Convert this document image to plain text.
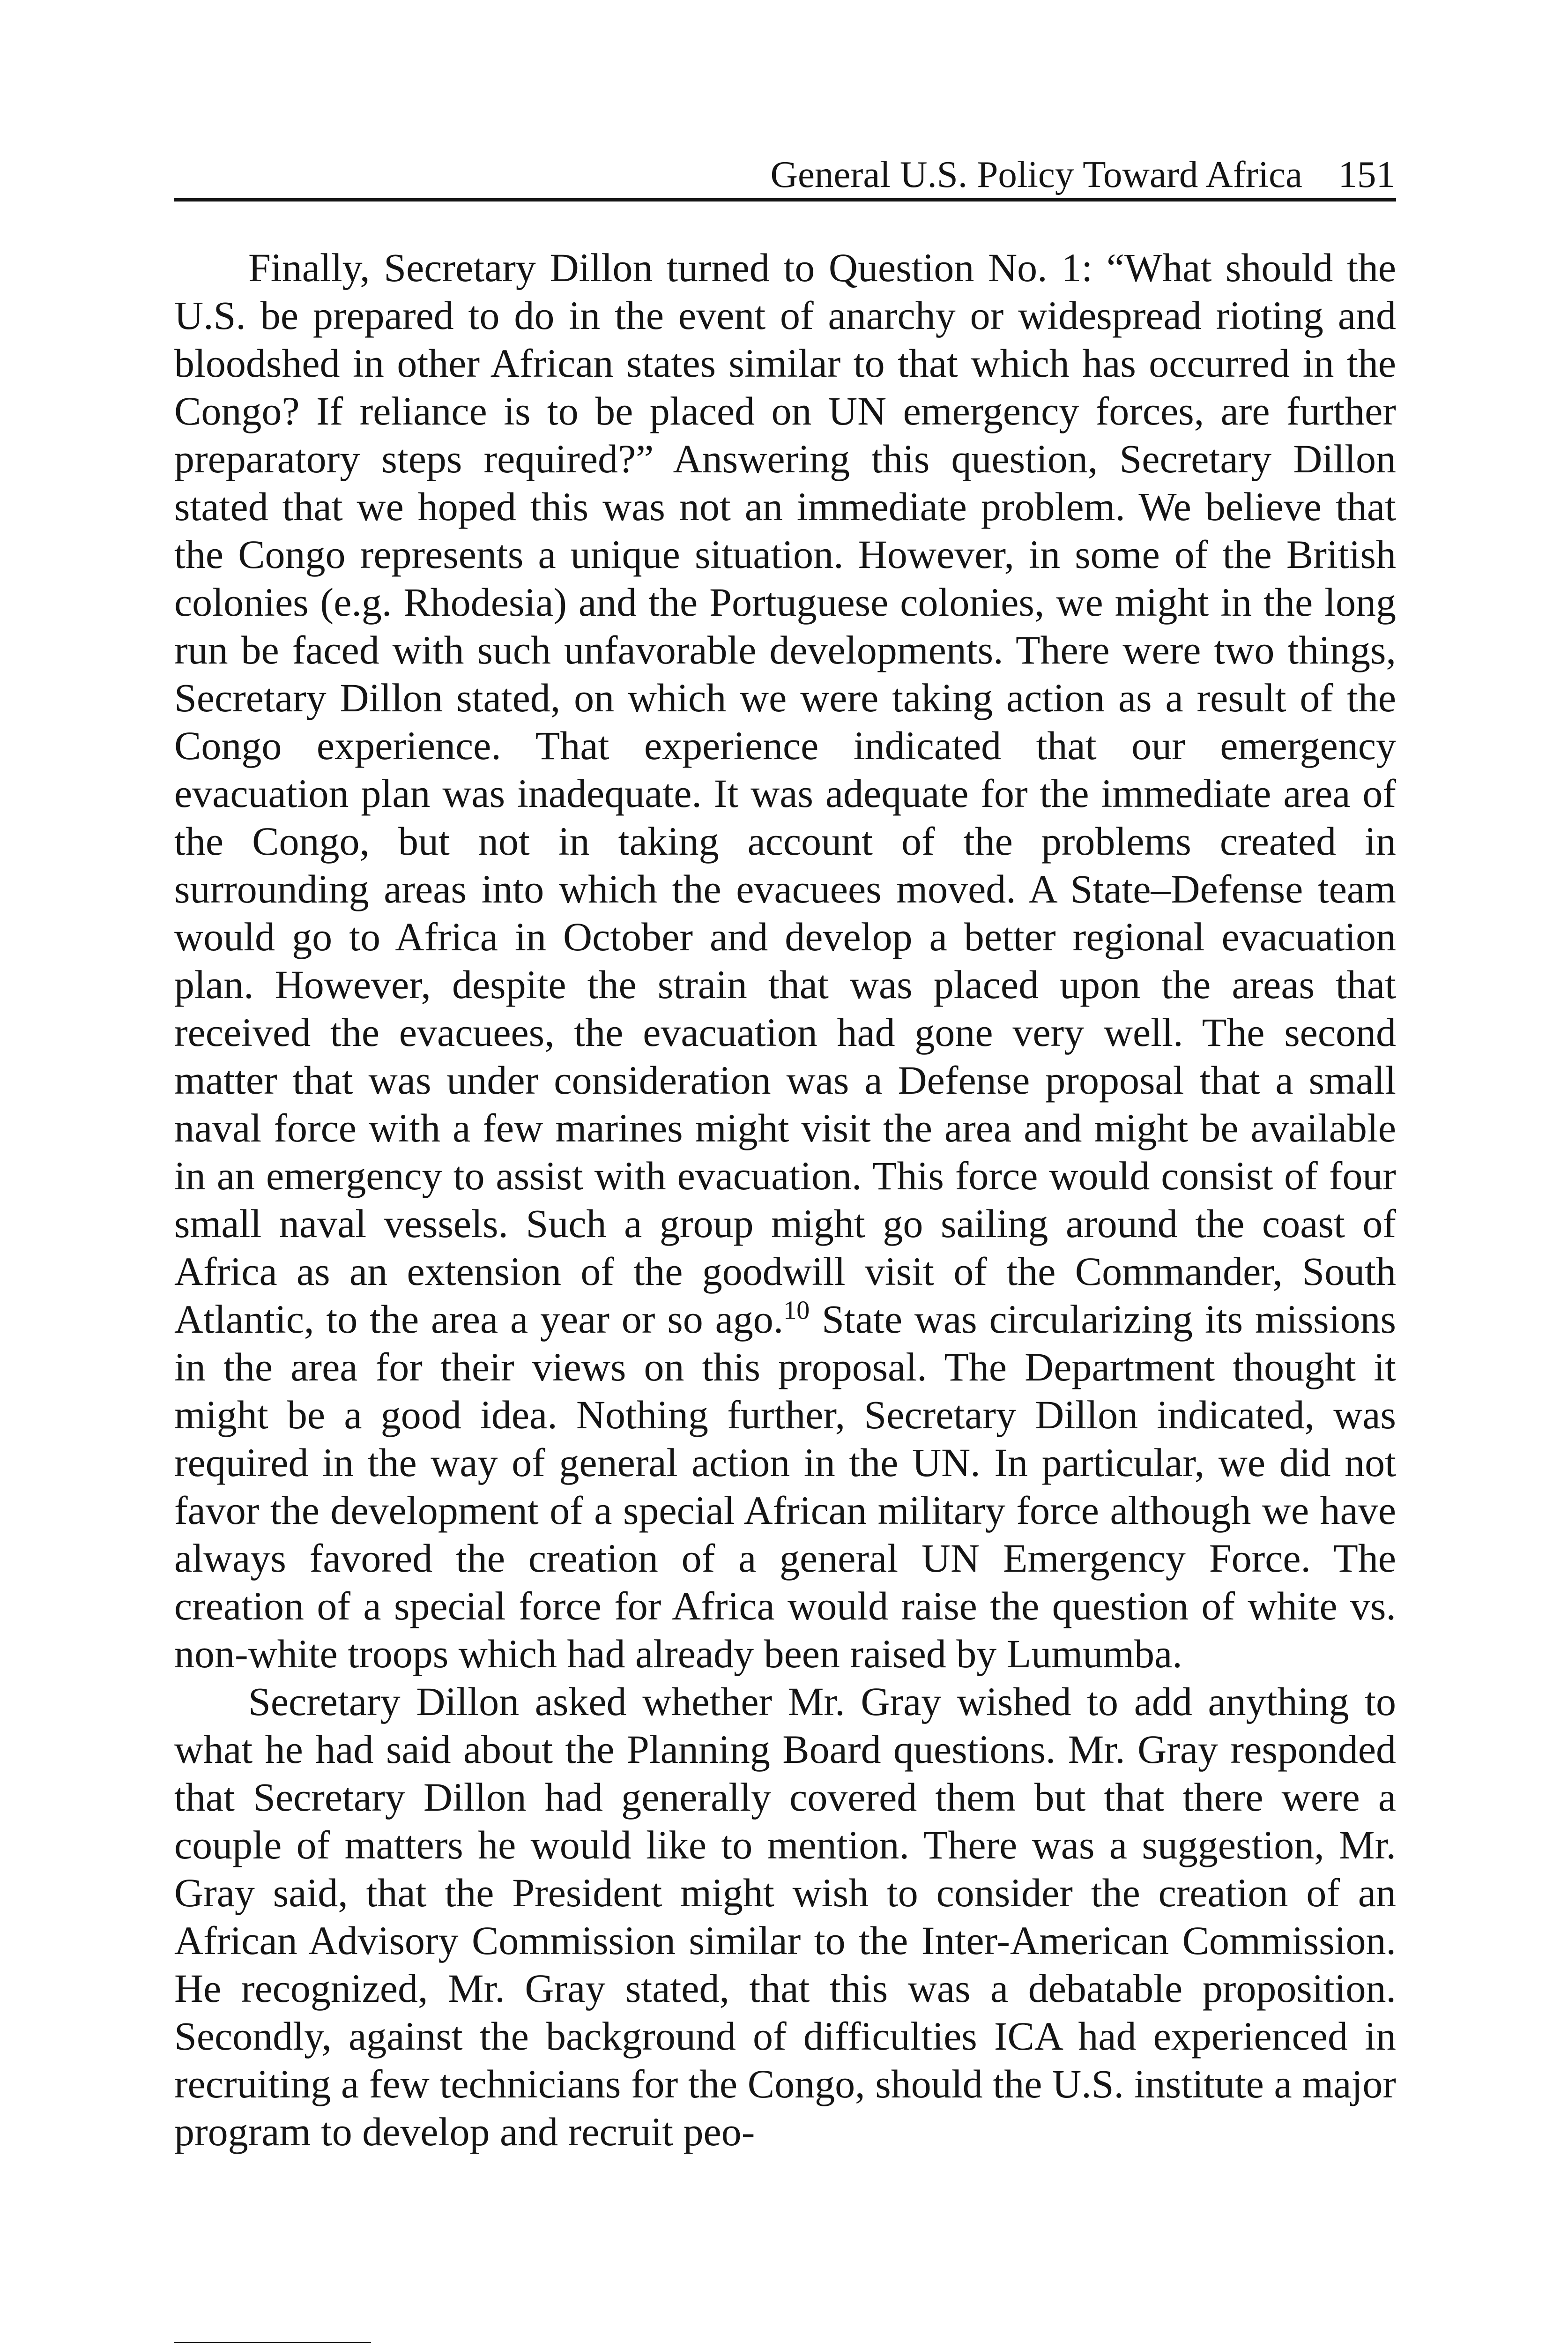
General U.S. Policy Toward Africa 151

Finally, Secretary Dillon turned to Question No. 1: “What should the U.S. be prepared to do in the event of anarchy or widespread rioting and bloodshed in other African states similar to that which has occurred in the Congo? If reliance is to be placed on UN emergency forces, are further preparatory steps required?” Answering this question, Secretary Dillon stated that we hoped this was not an immediate problem. We believe that the Congo represents a unique situation. However, in some of the British colonies (e.g. Rhodesia) and the Portuguese colonies, we might in the long run be faced with such unfavorable developments. There were two things, Secretary Dillon stated, on which we were taking action as a result of the Congo experience. That experience indicated that our emergency evacuation plan was inadequate. It was adequate for the immediate area of the Congo, but not in taking account of the problems created in surrounding areas into which the evacuees moved. A State–Defense team would go to Africa in October and develop a better regional evacuation plan. However, despite the strain that was placed upon the areas that received the evacuees, the evacuation had gone very well. The second matter that was under consideration was a Defense proposal that a small naval force with a few marines might visit the area and might be available in an emergency to assist with evacuation. This force would consist of four small naval vessels. Such a group might go sailing around the coast of Africa as an extension of the goodwill visit of the Commander, South Atlantic, to the area a year or so ago.$^{10}$ State was circularizing its missions in the area for their views on this proposal. The Department thought it might be a good idea. Nothing further, Secretary Dillon indicated, was required in the way of general action in the UN. In particular, we did not favor the development of a special African military force although we have always favored the creation of a general UN Emergency Force. The creation of a special force for Africa would raise the question of white vs. non-white troops which had already been raised by Lumumba.

Secretary Dillon asked whether Mr. Gray wished to add anything to what he had said about the Planning Board questions. Mr. Gray responded that Secretary Dillon had generally covered them but that there were a couple of matters he would like to mention. There was a suggestion, Mr. Gray said, that the President might wish to consider the creation of an African Advisory Commission similar to the Inter-American Commission. He recognized, Mr. Gray stated, that this was a debatable proposition. Secondly, against the background of difficulties ICA had experienced in recruiting a few technicians for the Congo, should the U.S. institute a major program to develop and recruit peo-
